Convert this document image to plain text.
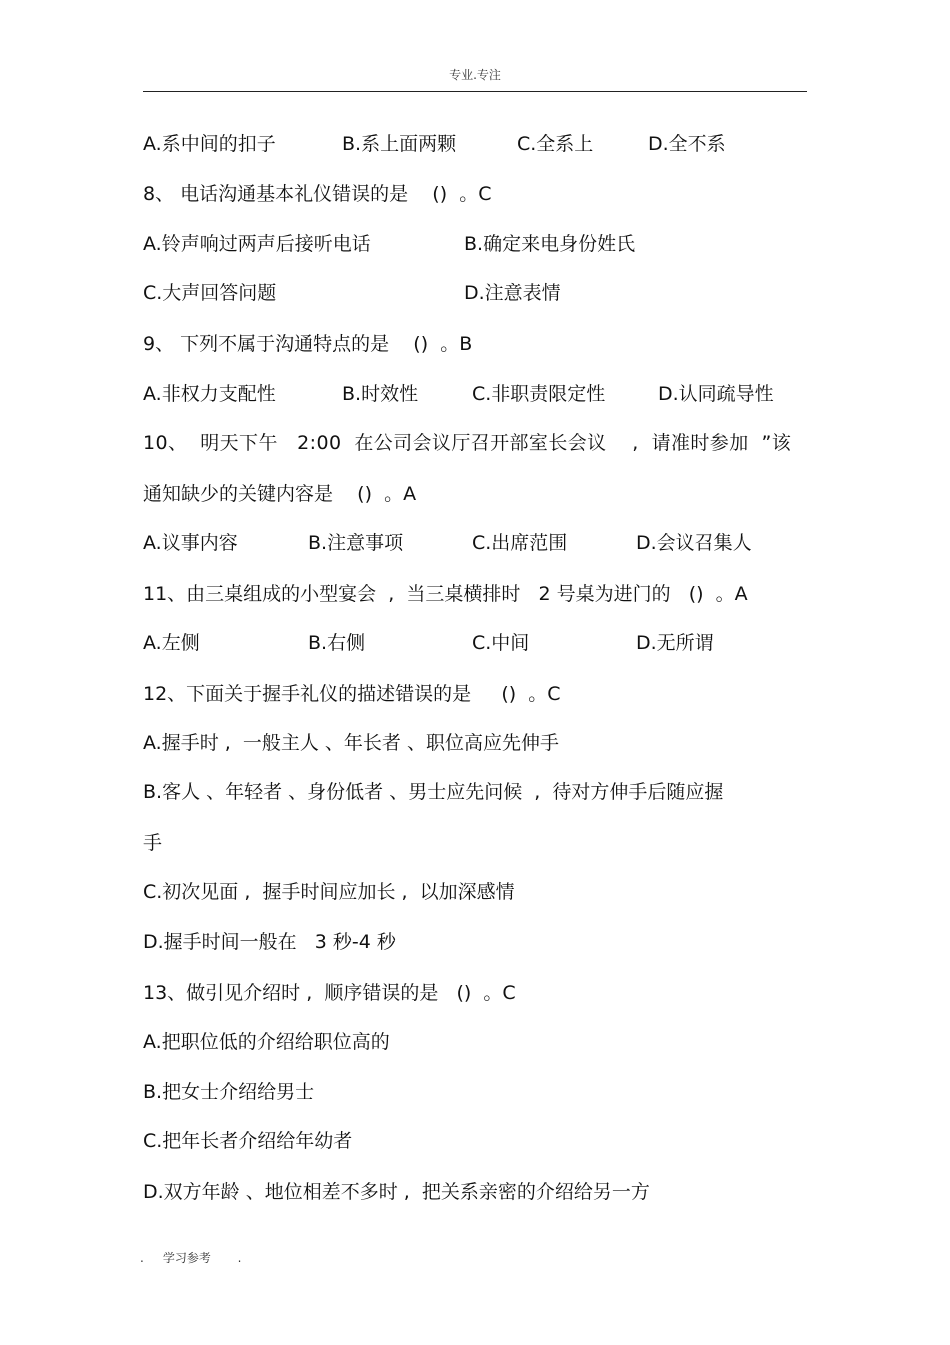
专业.专注

A.系中间的扣子

	B.系上面两颗

	C.全系上

	D.全不系

8、 电话沟通基本礼仪错误的是    ()  。C

A.铃声响过两声后接听电话

	B.确定来电身份姓氏

C.大声回答问题

	D.注意表情

9、 下列不属于沟通特点的是    ()  。B

A.非权力支配性

	B.时效性

	C.非职责限定性

	D.认同疏导性

10、  明天下午   2:00  在公司会议厅召开部室长会议    ,  请准时参加  ”该
通知缺少的关键内容是    ()  。A

A.议事内容

	B.注意事项

	C.出席范围

	D.会议召集人

11、由三桌组成的小型宴会  ,  当三桌横排时   2 号桌为进门的   ()  。A

A.左侧

	B.右侧

	C.中间

	D.无所谓

12、下面关于握手礼仪的描述错误的是     ()  。C
A.握手时 ,  一般主人 、年长者 、职位高应先伸手
B.客人 、年轻者 、身份低者 、男士应先问候  ,  待对方伸手后随应握
手
C.初次见面 ,  握手时间应加长 ,  以加深感情
D.握手时间一般在   3 秒-4 秒
13、做引见介绍时 ,  顺序错误的是   ()  。C
A.把职位低的介绍给职位高的
B.把女士介绍给男士
C.把年长者介绍给年幼者
D.双方年龄 、地位相差不多时 ,  把关系亲密的介绍给另一方
.     学习参考       .
